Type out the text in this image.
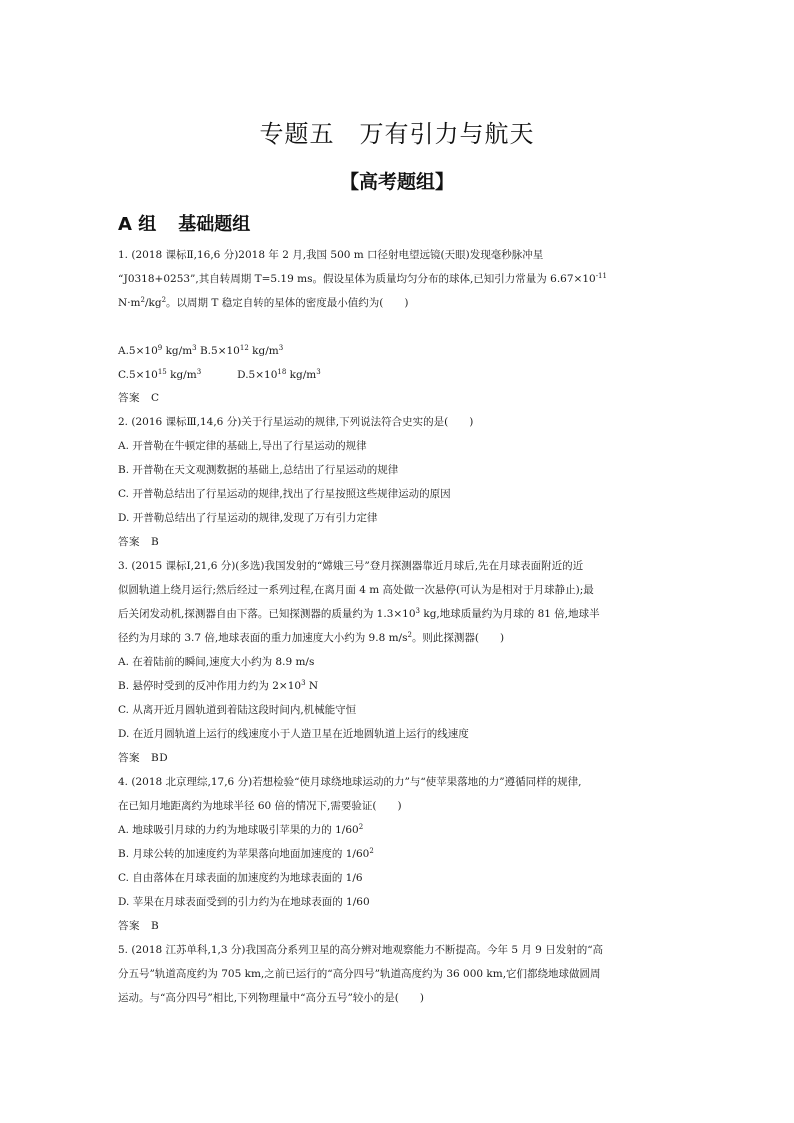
专题五　万有引力与航天
【高考题组】
A 组 基础题组
1. (2018 课标Ⅱ,16,6 分)2018 年 2 月,我国 500 m 口径射电望远镜(天眼)发现毫秒脉冲星
“J0318+0253”,其自转周期 T=5.19 ms。假设星体为质量均匀分布的球体,已知引力常量为 $6.67\times 10^{-11}$
$N\cdot m^2/kg^2$。以周期 T 稳定自转的星体的密度最小值约为(　　)
$A.5\times 10^9$ $kg/m^3$ $B.5\times 10^{12}$ $kg/m^3$
$C.5\times 10^{15}$ $kg/m^3$	$D.5\times 10^{18}$ $kg/m^3$
答案　C
2. (2016 课标Ⅲ,14,6 分)关于行星运动的规律,下列说法符合史实的是(　　)
A. 开普勒在牛顿定律的基础上,导出了行星运动的规律
B. 开普勒在天文观测数据的基础上,总结出了行星运动的规律
C. 开普勒总结出了行星运动的规律,找出了行星按照这些规律运动的原因
D. 开普勒总结出了行星运动的规律,发现了万有引力定律
答案　B
3. (2015 课标Ⅰ,21,6 分)(多选)我国发射的“嫦娥三号”登月探测器靠近月球后,先在月球表面附近的近
似圆轨道上绕月运行;然后经过一系列过程,在离月面 4 m 高处做一次悬停(可认为是相对于月球静止);最
后关闭发动机,探测器自由下落。已知探测器的质量约为 $1.3\times 10^3$ kg,地球质量约为月球的 81 倍,地球半
径约为月球的 3.7 倍,地球表面的重力加速度大小约为 9.8 $m/s^2$。则此探测器(　　)
A. 在着陆前的瞬间,速度大小约为 8.9 m/s
B. 悬停时受到的反冲作用力约为 $2\times 10^3$ N
C. 从离开近月圆轨道到着陆这段时间内,机械能守恒
D. 在近月圆轨道上运行的线速度小于人造卫星在近地圆轨道上运行的线速度
答案　BD
4. (2018 北京理综,17,6 分)若想检验“使月球绕地球运动的力”与“使苹果落地的力”遵循同样的规律,
在已知月地距离约为地球半径 60 倍的情况下,需要验证(　　)
A. 地球吸引月球的力约为地球吸引苹果的力的 $1/60^2$
B. 月球公转的加速度约为苹果落向地面加速度的 $1/60^2$
C. 自由落体在月球表面的加速度约为地球表面的 1/6
D. 苹果在月球表面受到的引力约为在地球表面的 1/60
答案　B
5. (2018 江苏单科,1,3 分)我国高分系列卫星的高分辨对地观察能力不断提高。今年 5 月 9 日发射的“高
分五号”轨道高度约为 705 km,之前已运行的“高分四号”轨道高度约为 36 000 km,它们都绕地球做圆周
运动。与“高分四号”相比,下列物理量中“高分五号”较小的是(　　)
